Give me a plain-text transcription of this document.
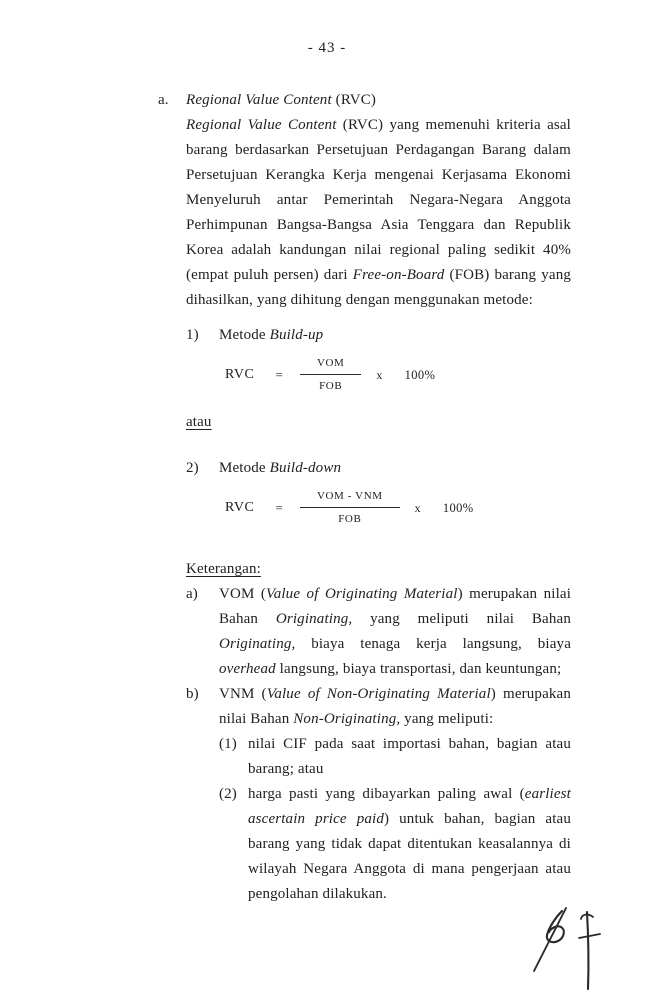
- 43 -
a.	Regional Value Content (RVC)

Regional Value Content (RVC) yang memenuhi kriteria asal barang berdasarkan Persetujuan Perdagangan Barang dalam Persetujuan Kerangka Kerja mengenai Kerjasama Ekonomi Menyeluruh antar Pemerintah Negara-Negara Anggota Perhimpunan Bangsa-Bangsa Asia Tenggara dan Republik Korea adalah kandungan nilai regional paling sedikit 40% (empat puluh persen) dari Free-on-Board (FOB) barang yang dihasilkan, yang dihitung dengan menggunakan metode:

1)	Metode Build-up
RVC = $\frac{\text{VOM}}{\text{FOB}}$ x 100%
atau
2)	Metode Build-down
RVC = $\frac{\text{VOM - VNM}}{\text{FOB}}$ x 100%
Keterangan:
a)	VOM (Value of Originating Material) merupakan nilai Bahan Originating, yang meliputi nilai Bahan Originating, biaya tenaga kerja langsung, biaya overhead langsung, biaya transportasi, dan keuntungan;
b)	VNM (Value of Non-Originating Material) merupakan nilai Bahan Non-Originating, yang meliputi:
(1) nilai CIF pada saat importasi bahan, bagian atau barang; atau
(2) harga pasti yang dibayarkan paling awal (earliest ascertain price paid) untuk bahan, bagian atau barang yang tidak dapat ditentukan keasalannya di wilayah Negara Anggota di mana pengerjaan atau pengolahan dilakukan.
